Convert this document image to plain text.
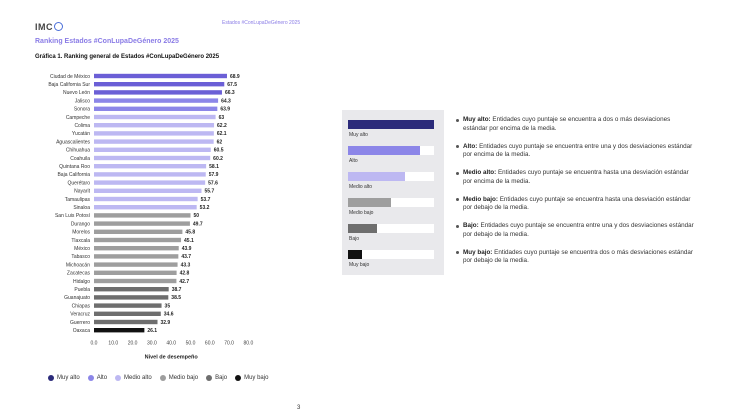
IMC	Estados #ConLupaDeGénero 2025
Ranking Estados #ConLupaDeGénero 2025
Gráfica 1. Ranking general de Estados #ConLupaDeGénero 2025
Ciudad de México	68.9
Baja California Sur	67.5
Nuevo León	66.3
Jalisco	64.3
Sonora	63.9
Campeche	63
Colima	62.2
Yucatán	62.1
Aguascalientes	62
Chihuahua	60.5
Coahuila	60.2
Quintana Roo	58.1
Baja California	57.9
Querétaro	57.6
Nayarit	55.7
Tamaulipas	53.7
Sinaloa	53.2
San Luis Potosí	50
Durango	49.7
Morelos	45.8
Tlaxcala	45.1
México	43.9
Tabasco	43.7
Michoacán	43.3
Zacatecas	42.8
Hidalgo	42.7
Puebla	38.7
Guanajuato	38.5
Chiapas	35
Veracruz	34.6
Guerrero	32.9
Oaxaca	26.1
0.0 10.0 20.0 30.0 40.0 50.0 60.0 70.0 80.0
Nivel de desempeño
Muy alto	Alto	Medio alto	Medio bajo	Bajo	Muy bajo
Muy alto
Alto
Medio alto
Medio bajo
Bajo
Muy bajo
Muy alto: Entidades cuyo puntaje se encuentra a dos o más desviaciones estándar por encima de la media.
Alto: Entidades cuyo puntaje se encuentra entre una y dos desviaciones estándar por encima de la media.
Medio alto: Entidades cuyo puntaje se encuentra hasta una desviación estándar por encima de la media.
Medio bajo: Entidades cuyo puntaje se encuentra hasta una desviación estándar por debajo de la media.
Bajo: Entidades cuyo puntaje se encuentra entre una y dos desviaciones estándar por debajo de la media.
Muy bajo: Entidades cuyo puntaje se encuentra dos o más desviaciones estándar por debajo de la media.
3
